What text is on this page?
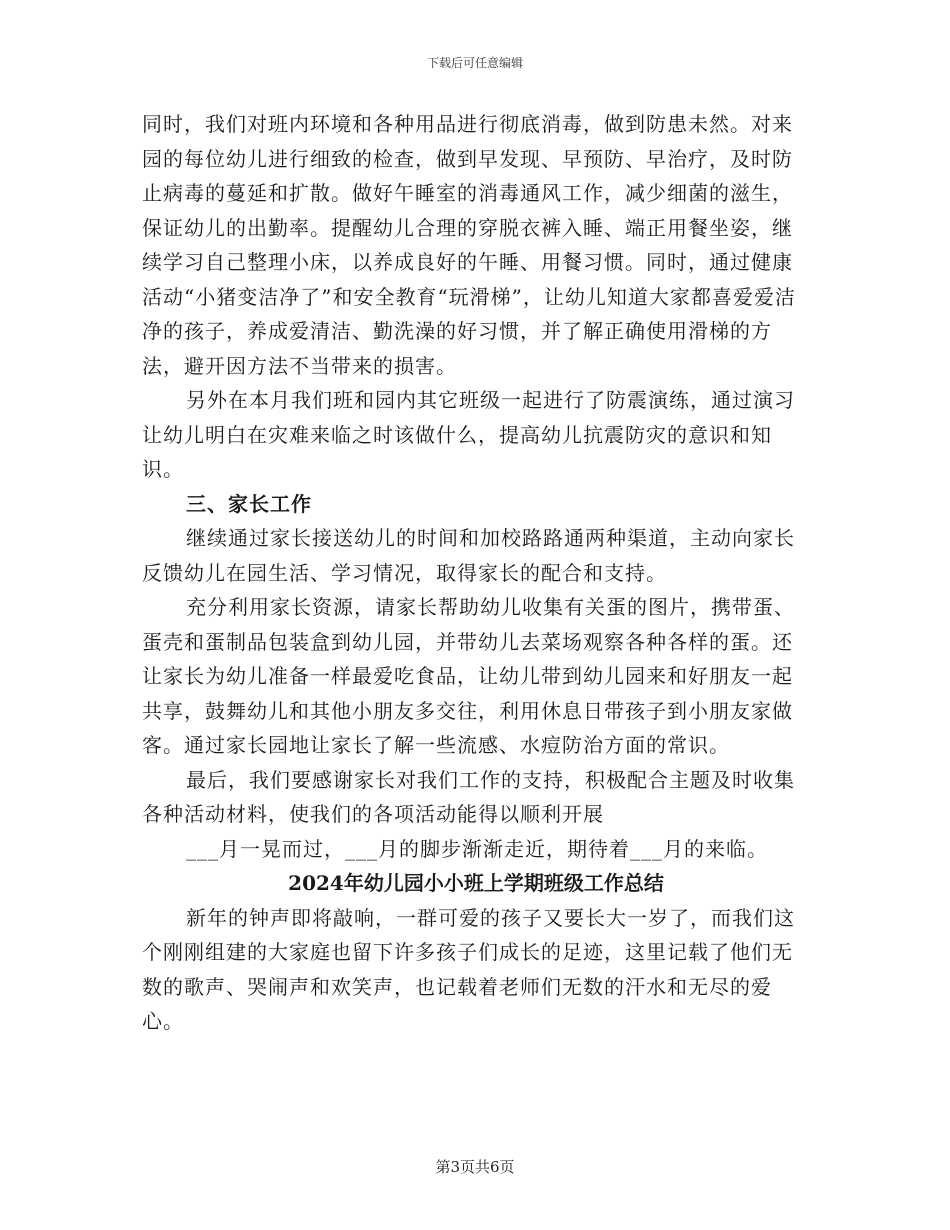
下载后可任意编辑

同时，我们对班内环境和各种用品进行彻底消毒，做到防患未然。对来园的每位幼儿进行细致的检查，做到早发现、早预防、早治疗，及时防止病毒的蔓延和扩散。做好午睡室的消毒通风工作，减少细菌的滋生，保证幼儿的出勤率。提醒幼儿合理的穿脱衣裤入睡、端正用餐坐姿，继续学习自己整理小床，以养成良好的午睡、用餐习惯。同时，通过健康活动“小猪变洁净了”和安全教育“玩滑梯”，让幼儿知道大家都喜爱爱洁净的孩子，养成爱清洁、勤洗澡的好习惯，并了解正确使用滑梯的方法，避开因方法不当带来的损害。

另外在本月我们班和园内其它班级一起进行了防震演练，通过演习让幼儿明白在灾难来临之时该做什么，提高幼儿抗震防灾的意识和知识。

三、家长工作

继续通过家长接送幼儿的时间和加校路路通两种渠道，主动向家长反馈幼儿在园生活、学习情况，取得家长的配合和支持。

充分利用家长资源，请家长帮助幼儿收集有关蛋的图片，携带蛋、蛋壳和蛋制品包装盒到幼儿园，并带幼儿去菜场观察各种各样的蛋。还让家长为幼儿准备一样最爱吃食品，让幼儿带到幼儿园来和好朋友一起共享，鼓舞幼儿和其他小朋友多交往，利用休息日带孩子到小朋友家做客。通过家长园地让家长了解一些流感、水痘防治方面的常识。

最后，我们要感谢家长对我们工作的支持，积极配合主题及时收集各种活动材料，使我们的各项活动能得以顺利开展

___月一晃而过，___月的脚步渐渐走近，期待着___月的来临。

2024年幼儿园小小班上学期班级工作总结

新年的钟声即将敲响，一群可爱的孩子又要长大一岁了，而我们这个刚刚组建的大家庭也留下许多孩子们成长的足迹，这里记载了他们无数的歌声、哭闹声和欢笑声，也记载着老师们无数的汗水和无尽的爱心。

第3页共6页
